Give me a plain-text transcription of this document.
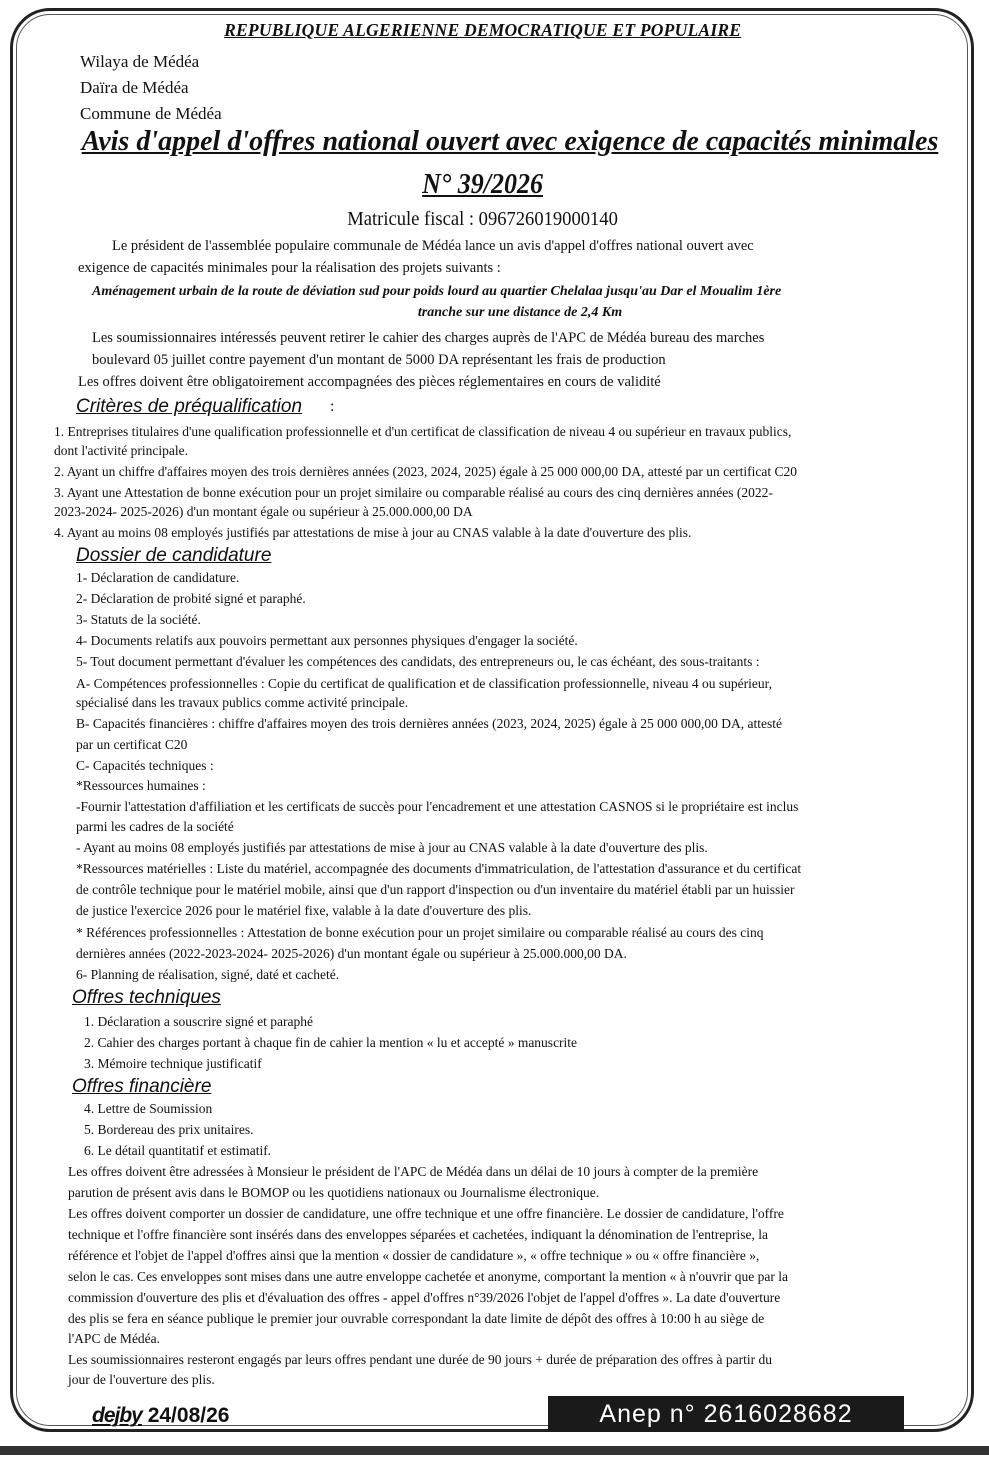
REPUBLIQUE ALGERIENNE DEMOCRATIQUE ET POPULAIRE
Wilaya de Médéa
Daïra de Médéa
Commune de Médéa
Avis d'appel d'offres national ouvert avec exigence de capacités minimales
N° 39/2026
Matricule fiscal : 096726019000140
Le président de l'assemblée populaire communale de Médéa lance un avis d'appel d'offres national ouvert avec
exigence de capacités minimales pour la réalisation des projets suivants :
Aménagement urbain de la route de déviation sud pour poids lourd au quartier Chelalaa jusqu'au Dar el Moualim 1ère
tranche sur une distance de 2,4 Km
Les soumissionnaires intéressés peuvent retirer le cahier des charges auprès de l'APC de Médéa bureau des marches
boulevard 05 juillet contre payement d'un montant de 5000 DA représentant les frais de production
Les offres doivent être obligatoirement accompagnées des pièces réglementaires en cours de validité
Critères de préqualification :
1. Entreprises titulaires d'une qualification professionnelle et d'un certificat de classification de niveau 4 ou supérieur en travaux publics,
dont l'activité principale.
2. Ayant un chiffre d'affaires moyen des trois dernières années (2023, 2024, 2025) égale à 25 000 000,00 DA, attesté par un certificat C20
3. Ayant une Attestation de bonne exécution pour un projet similaire ou comparable réalisé au cours des cinq dernières années (2022-
2023-2024- 2025-2026) d'un montant égale ou supérieur à 25.000.000,00 DA
4. Ayant au moins 08 employés justifiés par attestations de mise à jour au CNAS valable à la date d'ouverture des plis.
Dossier de candidature
1- Déclaration de candidature.
2- Déclaration de probité signé et paraphé.
3- Statuts de la société.
4- Documents relatifs aux pouvoirs permettant aux personnes physiques d'engager la société.
5- Tout document permettant d'évaluer les compétences des candidats, des entrepreneurs ou, le cas échéant, des sous-traitants :
A- Compétences professionnelles : Copie du certificat de qualification et de classification professionnelle, niveau 4 ou supérieur,
spécialisé dans les travaux publics comme activité principale.
B- Capacités financières : chiffre d'affaires moyen des trois dernières années (2023, 2024, 2025) égale à 25 000 000,00 DA, attesté
par un certificat C20
C- Capacités techniques :
*Ressources humaines :
-Fournir l'attestation d'affiliation et les certificats de succès pour l'encadrement et une attestation CASNOS si le propriétaire est inclus
parmi les cadres de la société
- Ayant au moins 08 employés justifiés par attestations de mise à jour au CNAS valable à la date d'ouverture des plis.
*Ressources matérielles : Liste du matériel, accompagnée des documents d'immatriculation, de l'attestation d'assurance et du certificat
de contrôle technique pour le matériel mobile, ainsi que d'un rapport d'inspection ou d'un inventaire du matériel établi par un huissier
de justice l'exercice 2026 pour le matériel fixe, valable à la date d'ouverture des plis.
* Références professionnelles : Attestation de bonne exécution pour un projet similaire ou comparable réalisé au cours des cinq
dernières années (2022-2023-2024- 2025-2026) d'un montant égale ou supérieur à 25.000.000,00 DA.
6- Planning de réalisation, signé, daté et cacheté.
Offres techniques
1. Déclaration a souscrire signé et paraphé
2. Cahier des charges portant à chaque fin de cahier la mention « lu et accepté » manuscrite
3. Mémoire technique justificatif
Offres financière
4. Lettre de Soumission
5. Bordereau des prix unitaires.
6. Le détail quantitatif et estimatif.
Les offres doivent être adressées à Monsieur le président de l'APC de Médéa dans un délai de 10 jours à compter de la première
parution de présent avis dans le BOMOP ou les quotidiens nationaux ou Journalisme électronique.
Les offres doivent comporter un dossier de candidature, une offre technique et une offre financière. Le dossier de candidature, l'offre
technique et l'offre financière sont insérés dans des enveloppes séparées et cachetées, indiquant la dénomination de l'entreprise, la
référence et l'objet de l'appel d'offres ainsi que la mention « dossier de candidature », « offre technique » ou « offre financière »,
selon le cas. Ces enveloppes sont mises dans une autre enveloppe cachetée et anonyme, comportant la mention « à n'ouvrir que par la
commission d'ouverture des plis et d'évaluation des offres - appel d'offres n°39/2026 l'objet de l'appel d'offres ». La date d'ouverture
des plis se fera en séance publique le premier jour ouvrable correspondant la date limite de dépôt des offres à 10:00 h au siège de
l'APC de Médéa.
Les soumissionnaires resteront engagés par leurs offres pendant une durée de 90 jours + durée de préparation des offres à partir du
jour de l'ouverture des plis.
dejby 24/08/26	Anep n° 2616028682
